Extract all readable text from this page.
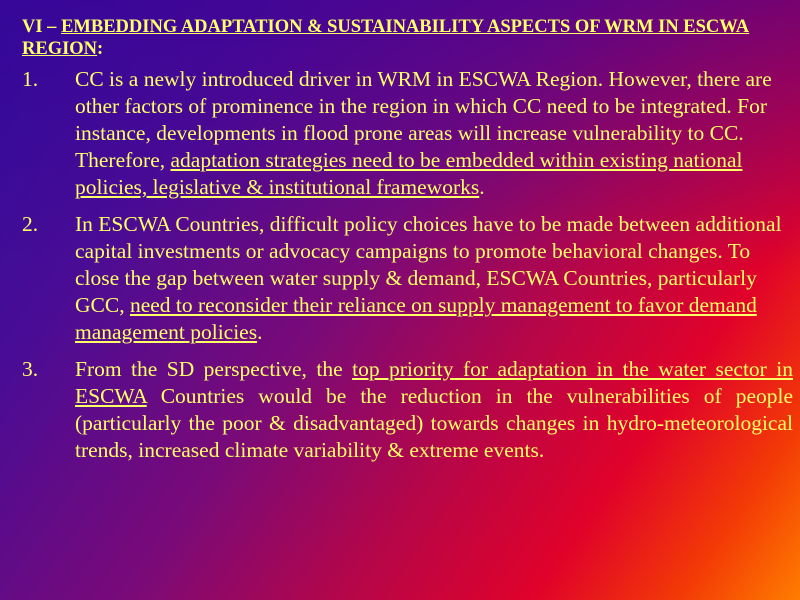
VI – EMBEDDING ADAPTATION & SUSTAINABILITY ASPECTS OF WRM IN ESCWA REGION:
1.	CC is a newly introduced driver in WRM in ESCWA Region. However, there are other factors of prominence in the region in which CC need to be integrated. For instance, developments in flood prone areas will increase vulnerability to CC. Therefore, adaptation strategies need to be embedded within existing national policies, legislative & institutional frameworks.
2.	In ESCWA Countries, difficult policy choices have to be made between additional capital investments or advocacy campaigns to promote behavioral changes. To close the gap between water supply & demand, ESCWA Countries, particularly GCC, need to reconsider their reliance on supply management to favor demand management policies.
3.	From the SD perspective, the top priority for adaptation in the water sector in ESCWA Countries would be the reduction in the vulnerabilities of people (particularly the poor & disadvantaged) towards changes in hydro-meteorological trends, increased climate variability & extreme events.
